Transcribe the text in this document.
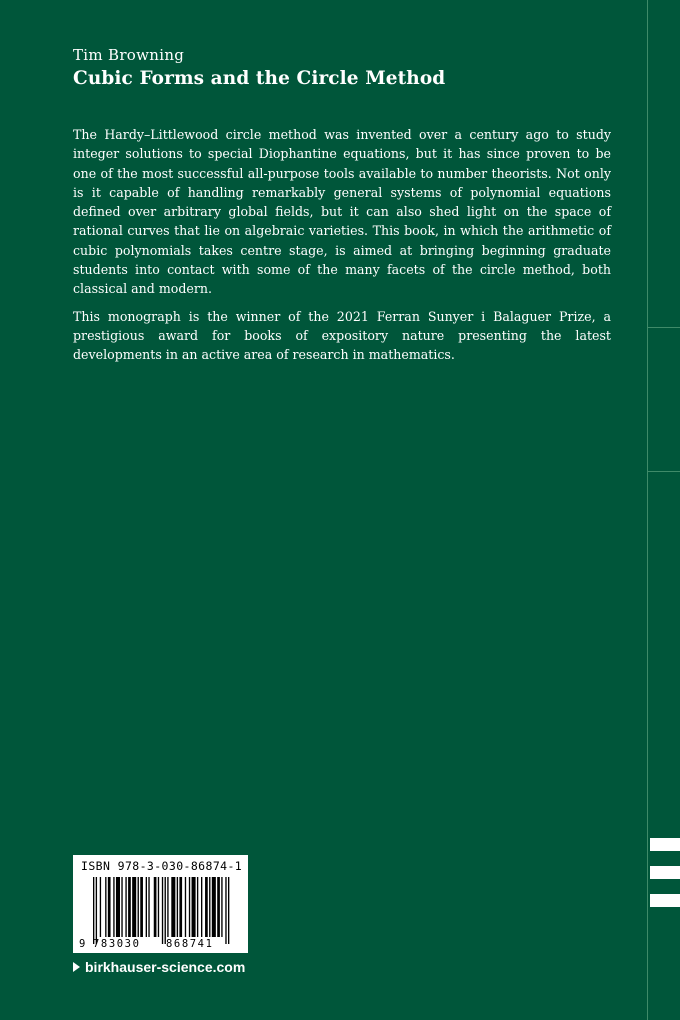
Tim Browning
Cubic Forms and the Circle Method

The Hardy–Littlewood circle method was invented over a century ago to study integer solutions to special Diophantine equations, but it has since proven to be one of the most successful all-purpose tools available to number theorists. Not only is it capable of handling remarkably general systems of polynomial equations defined over arbitrary global fields, but it can also shed light on the space of rational curves that lie on algebraic varieties. This book, in which the arithmetic of cubic polynomials takes centre stage, is aimed at bringing beginning graduate students into contact with some of the many facets of the circle method, both classical and modern.

This monograph is the winner of the 2021 Ferran Sunyer i Balaguer Prize, a prestigious award for books of expository nature presenting the latest developments in an active area of research in mathematics.

ISBN 978-3-030-86874-1
9 783030 868741
birkhauser-science.com
